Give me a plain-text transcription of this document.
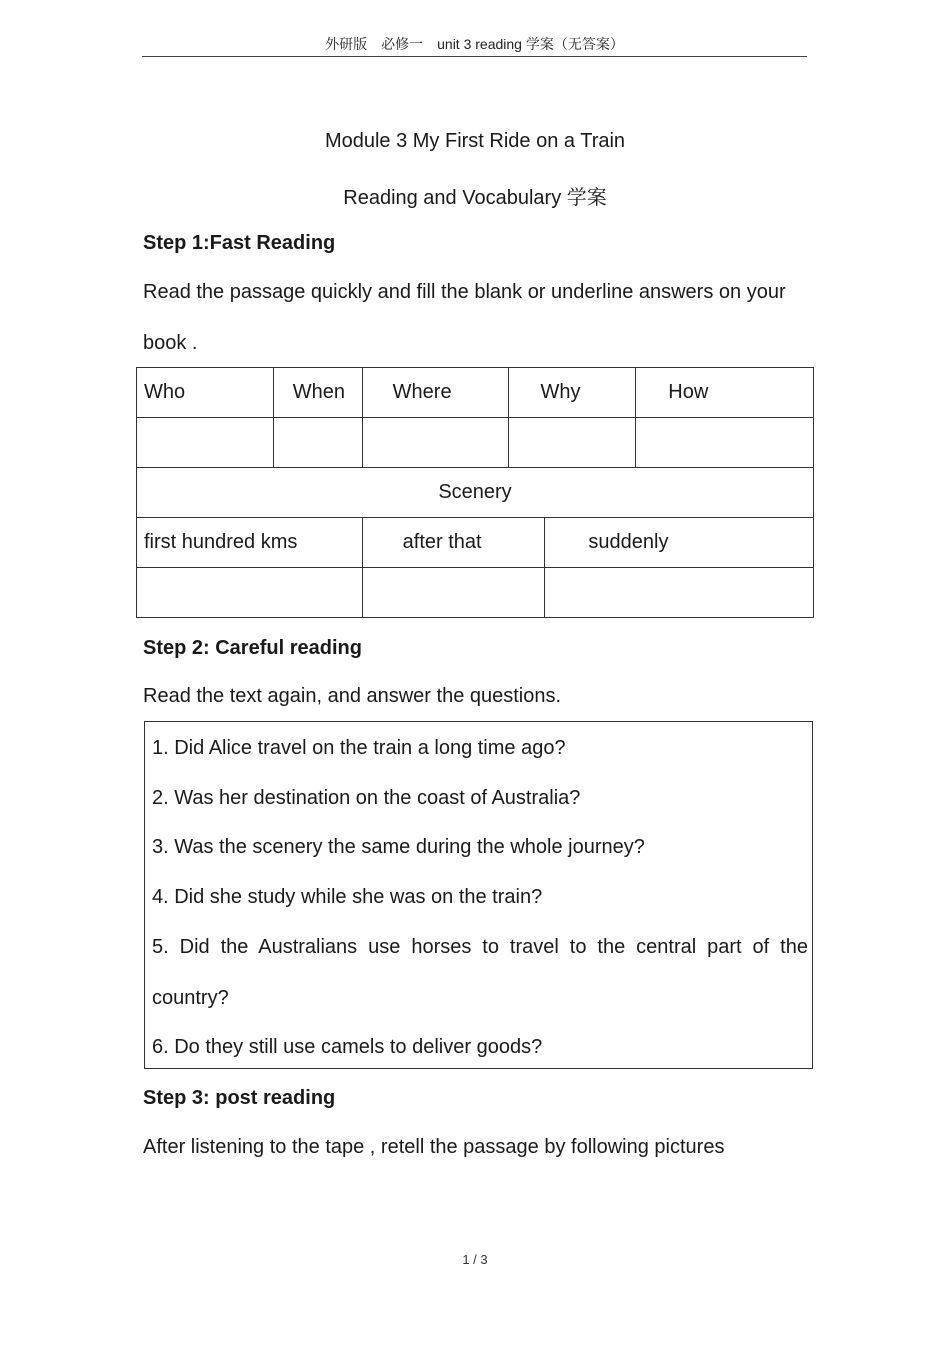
外研版　必修一　unit 3 reading 学案（无答案）
Module 3 My First Ride on a Train
Reading and Vocabulary 学案
Step 1:Fast Reading
Read the passage quickly and fill the blank or underline answers on your
book .
Who	When	Where	Why		How

Scenery					
first hundred kms		after that		suddenly	

Step 2: Careful reading
Read the text again, and answer the questions.
1. Did Alice travel on the train a long time ago?
2. Was her destination on the coast of Australia?
3. Was the scenery the same during the whole journey?
4. Did she study while she was on the train?
5. Did the Australians use horses to travel to the central part of the
country?
6. Do they still use camels to deliver goods?
Step 3: post reading
After listening to the tape , retell the passage by following pictures
1 / 3
